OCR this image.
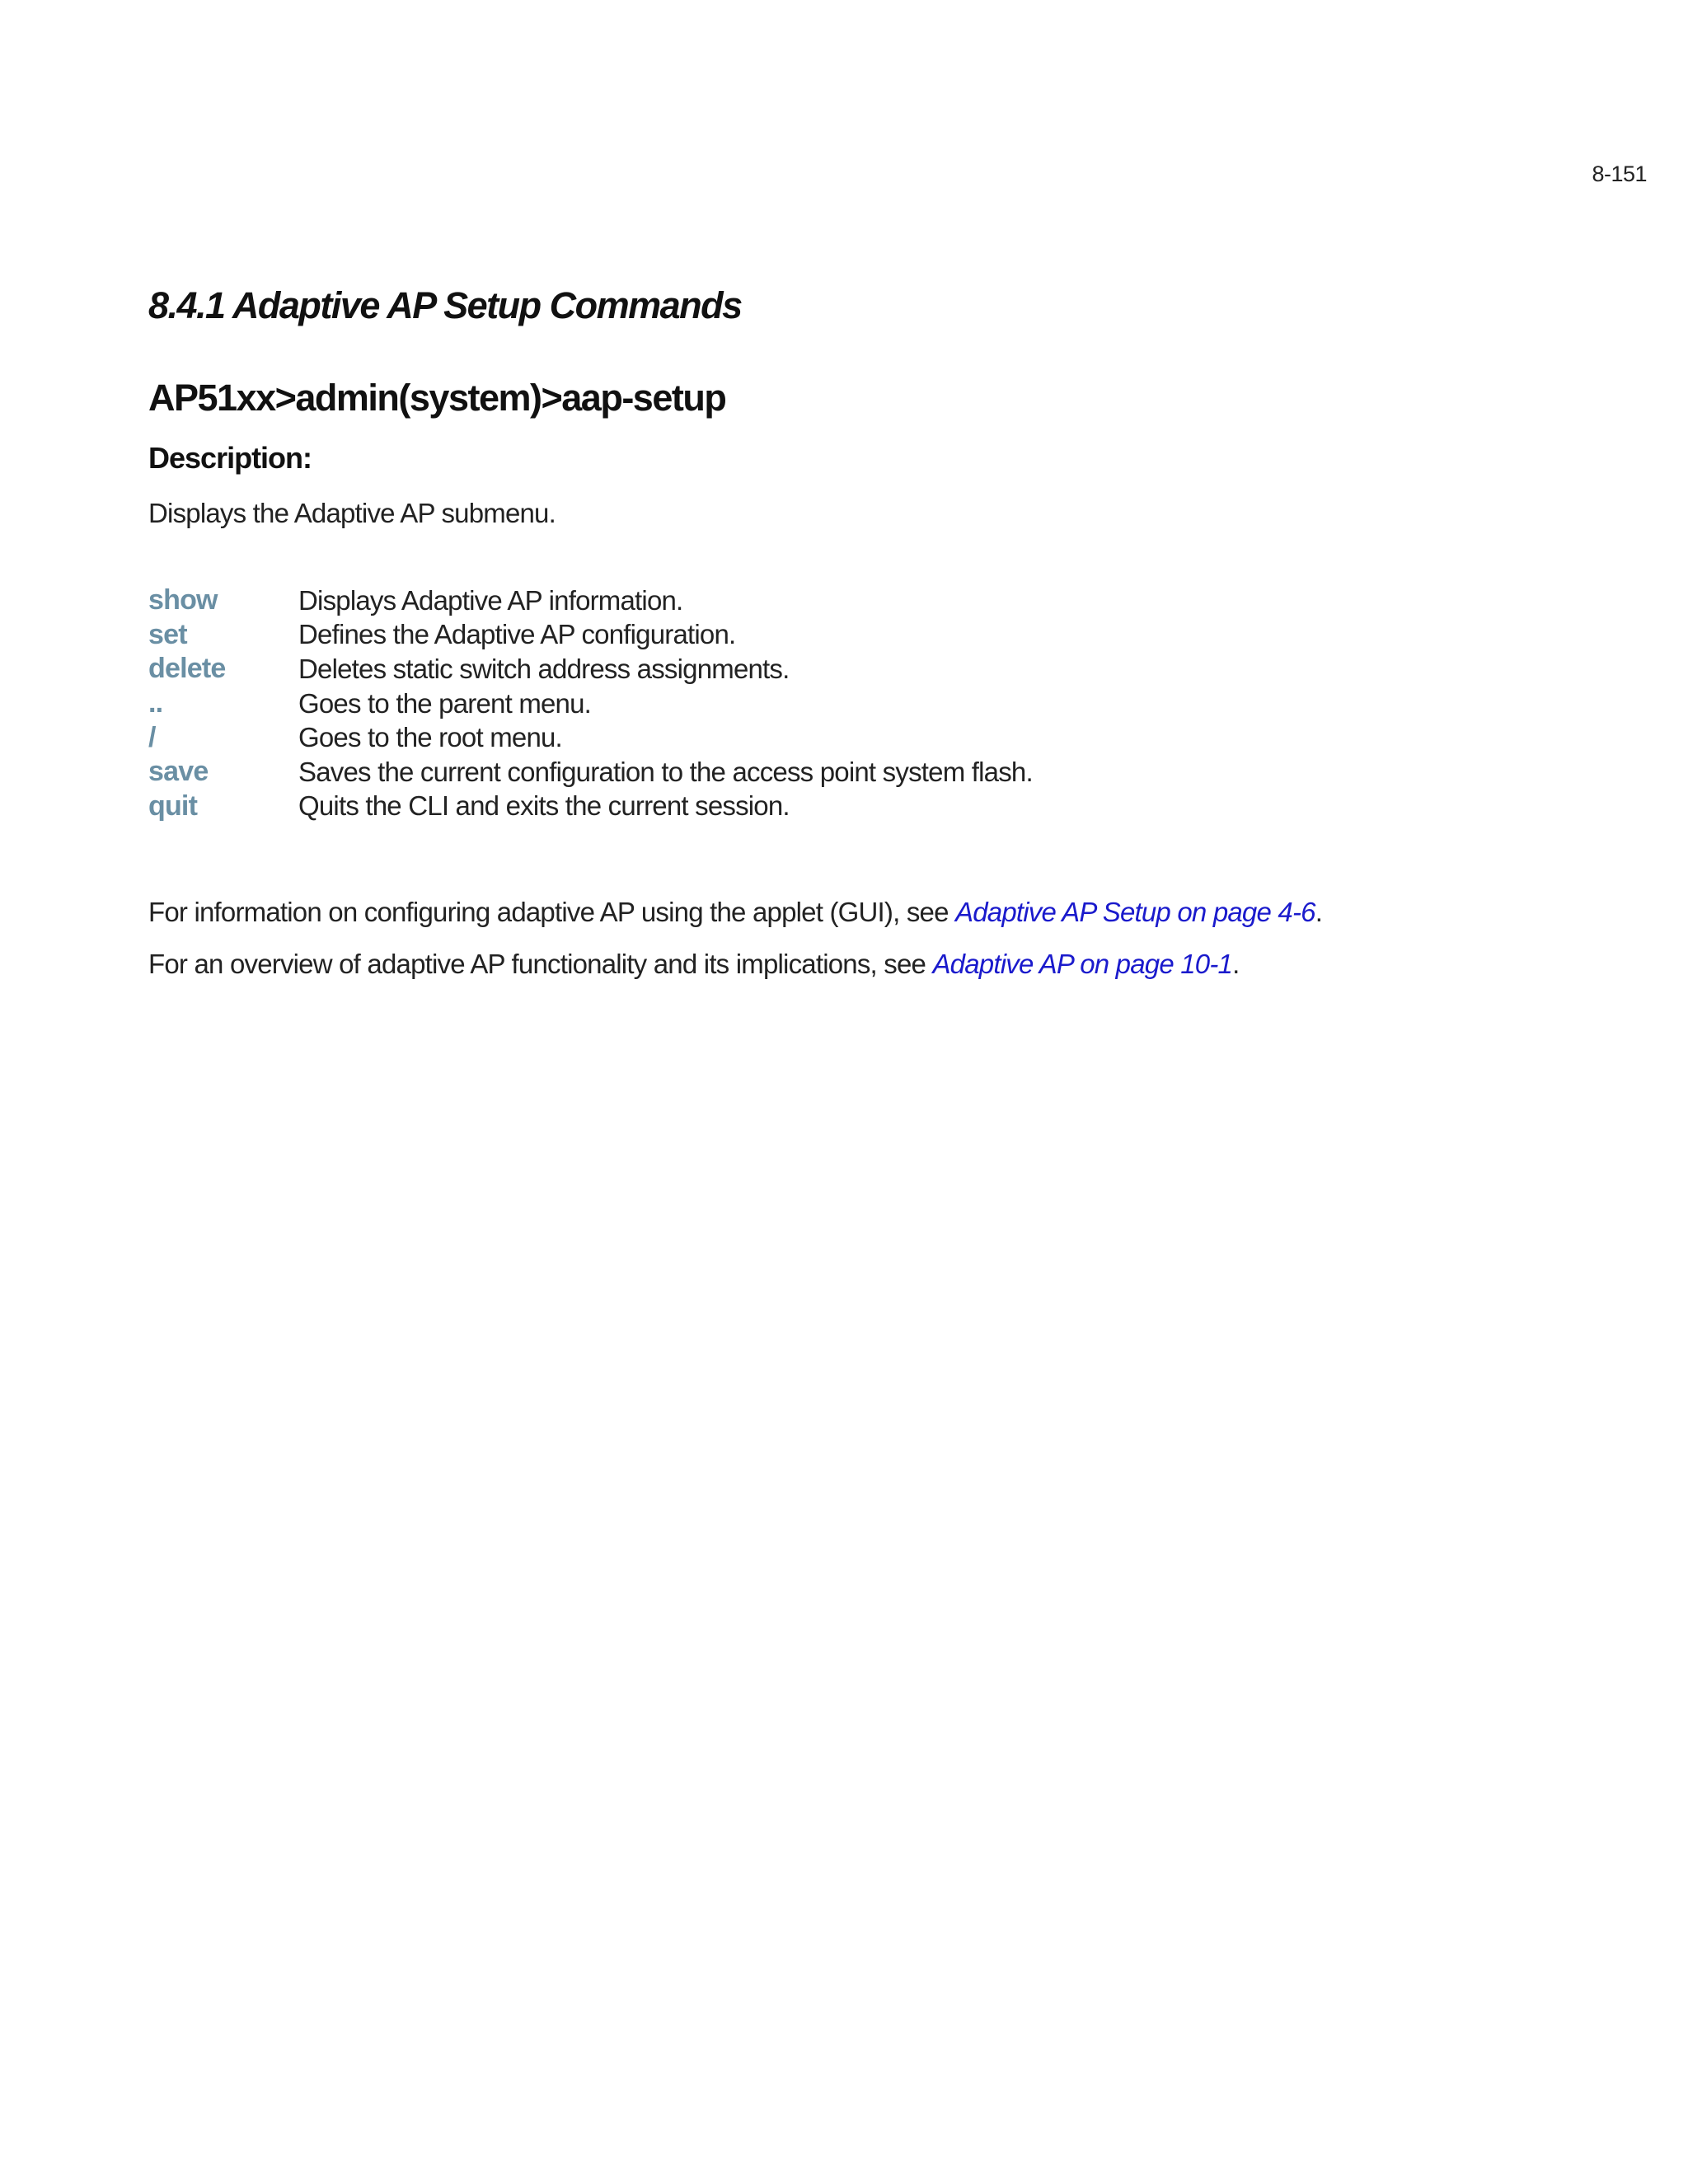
8-151
8.4.1 Adaptive AP Setup Commands
AP51xx>admin(system)>aap-setup
Description:

Displays the Adaptive AP submenu.

show	Displays Adaptive AP information.
set	Defines the Adaptive AP configuration.
delete	Deletes static switch address assignments.
..	Goes to the parent menu.
/	Goes to the root menu.
save	Saves the current configuration to the access point system flash.
quit	Quits the CLI and exits the current session.

For information on configuring adaptive AP using the applet (GUI), see Adaptive AP Setup on page 4-6.

For an overview of adaptive AP functionality and its implications, see Adaptive AP on page 10-1.
